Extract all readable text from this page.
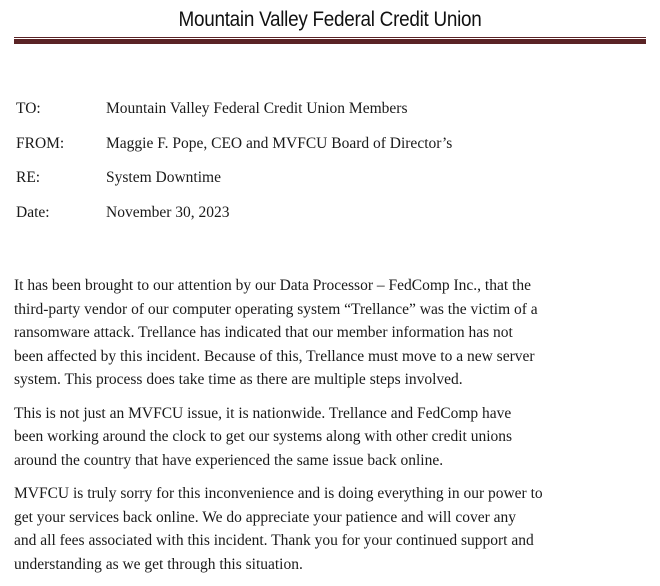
Mountain Valley Federal Credit Union
TO:	Mountain Valley Federal Credit Union Members
FROM:	Maggie F. Pope, CEO and MVFCU Board of Director’s
RE:	System Downtime
Date:	November 30, 2023

It has been brought to our attention by our Data Processor – FedComp Inc., that the
third-party vendor of our computer operating system “Trellance” was the victim of a
ransomware attack. Trellance has indicated that our member information has not
been affected by this incident. Because of this, Trellance must move to a new server
system. This process does take time as there are multiple steps involved.

This is not just an MVFCU issue, it is nationwide. Trellance and FedComp have
been working around the clock to get our systems along with other credit unions
around the country that have experienced the same issue back online.

MVFCU is truly sorry for this inconvenience and is doing everything in our power to
get your services back online. We do appreciate your patience and will cover any
and all fees associated with this incident. Thank you for your continued support and
understanding as we get through this situation.
